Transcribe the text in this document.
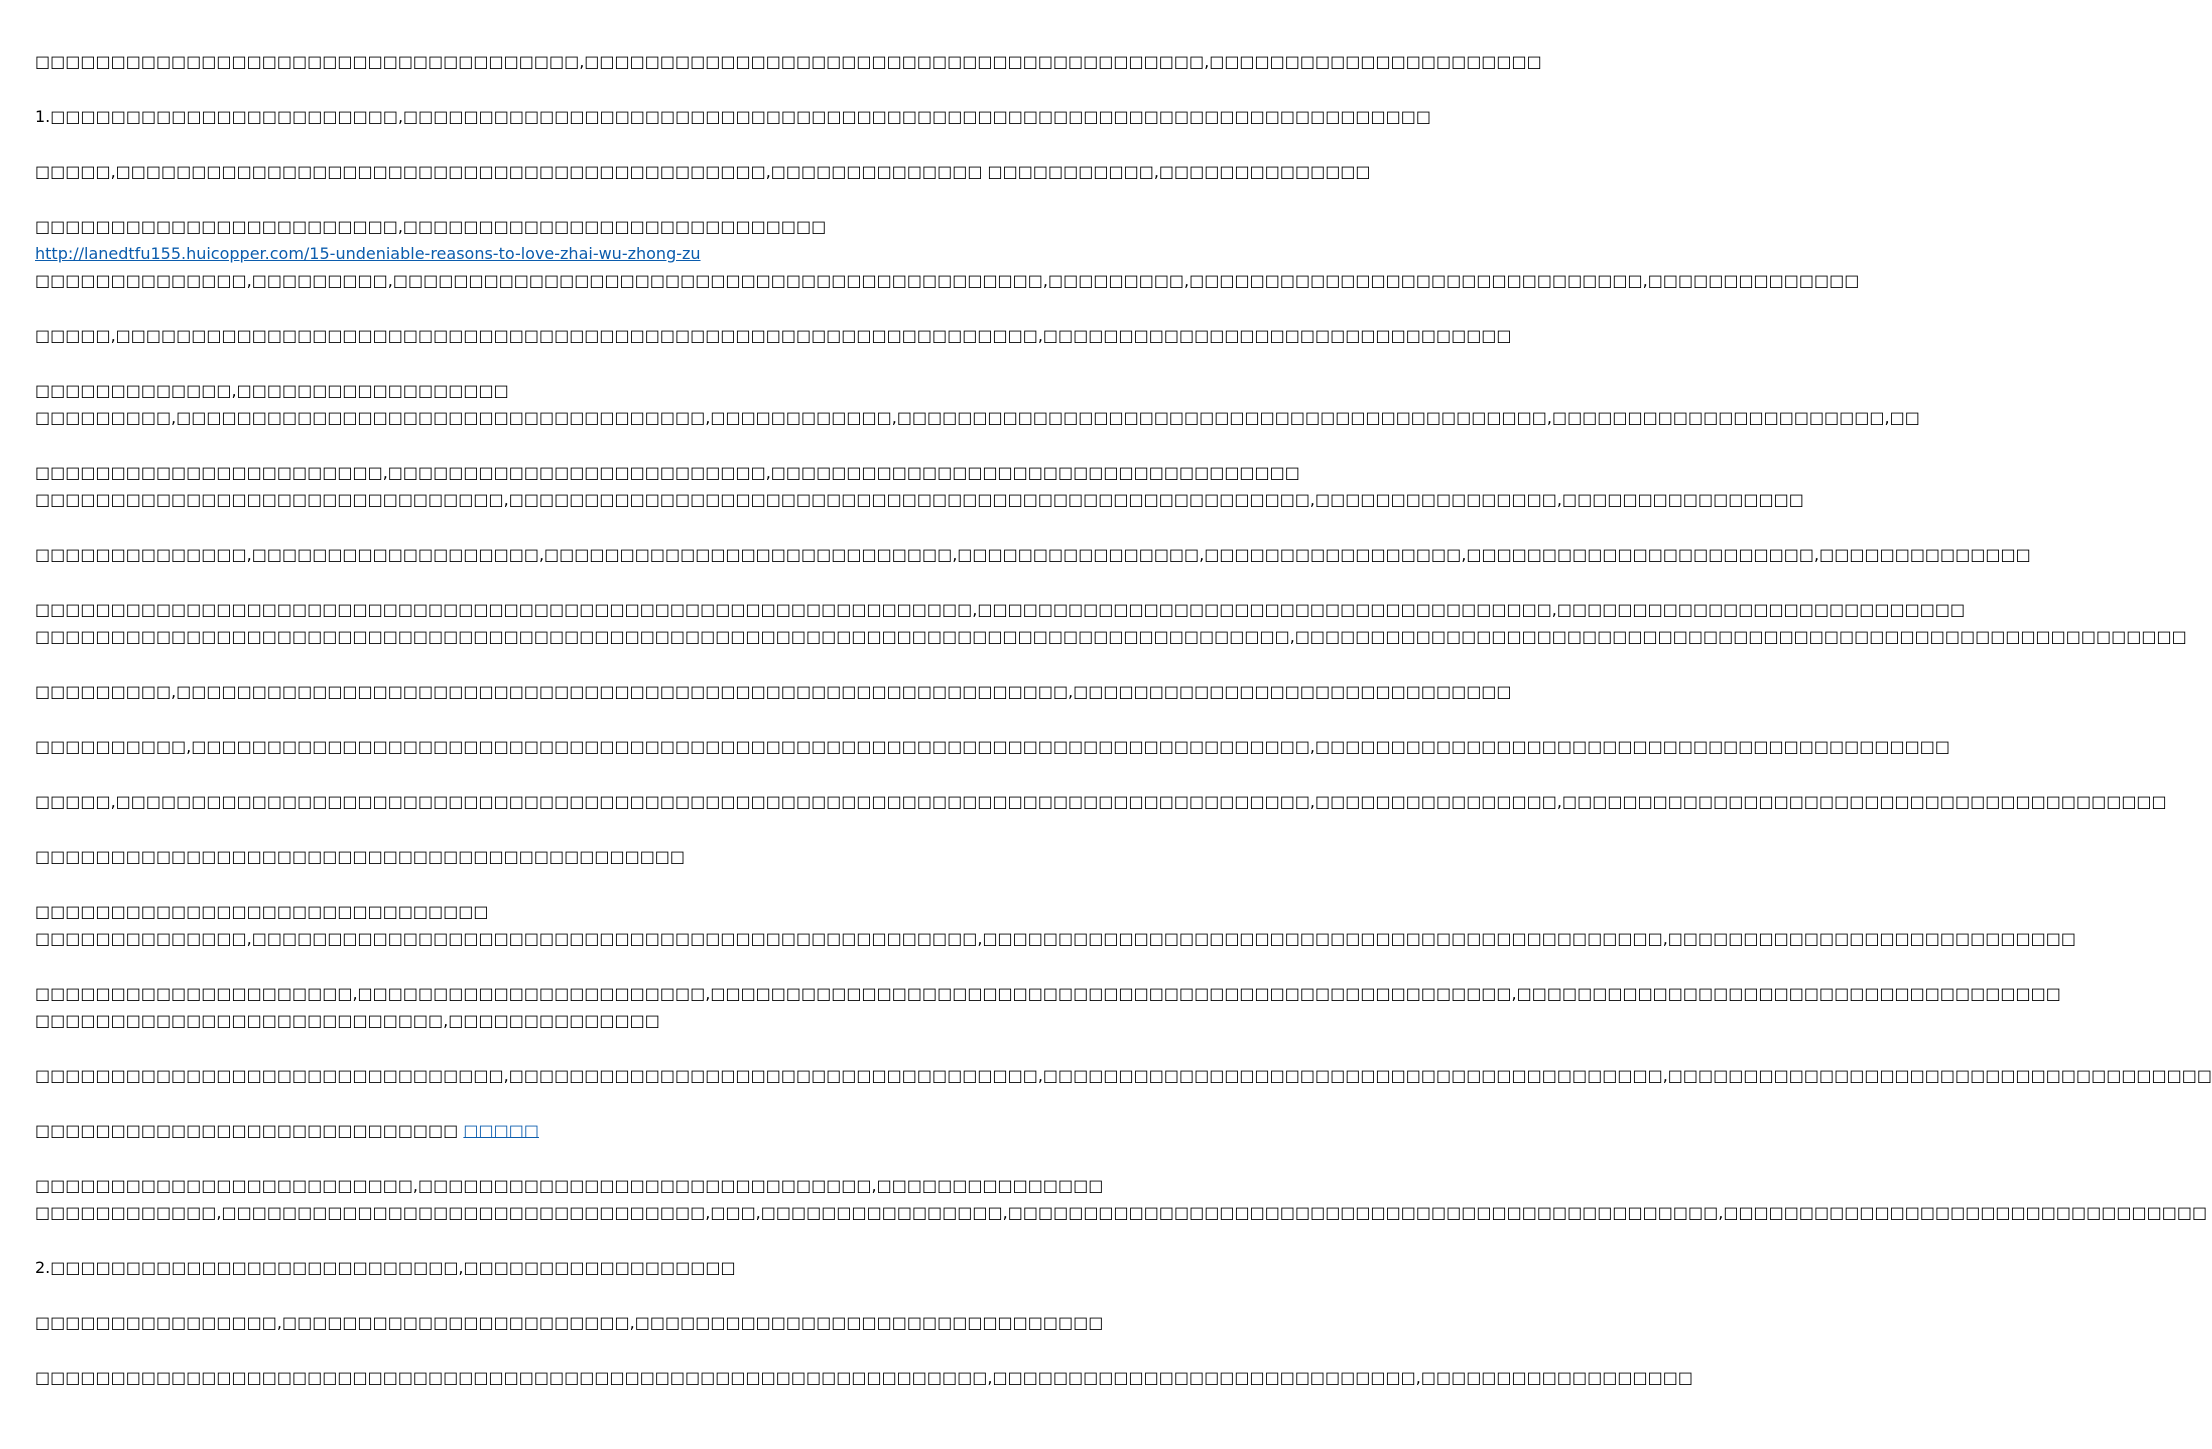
□□□□□□□□□□□□□□□□□□□□□□□□□□□□□□□□□□□□,□□□□□□□□□□□□□□□□□□□□□□□□□□□□□□□□□□□□□□□□□,□□□□□□□□□□□□□□□□□□□□□□

1.□□□□□□□□□□□□□□□□□□□□□□□,□□□□□□□□□□□□□□□□□□□□□□□□□□□□□□□□□□□□□□□□□□□□□□□□□□□□□□□□□□□□□□□□□□□□

□□□□□,□□□□□□□□□□□□□□□□□□□□□□□□□□□□□□□□□□□□□□□□□□□,□□□□□□□□□□□□□□ □□□□□□□□□□□,□□□□□□□□□□□□□□

□□□□□□□□□□□□□□□□□□□□□□□□,□□□□□□□□□□□□□□□□□□□□□□□□□□□□ http://lanedtfu155.huicopper.com/15-undeniable-reasons-to-love-zhai-wu-zhong-zu
□□□□□□□□□□□□□□,□□□□□□□□□,□□□□□□□□□□□□□□□□□□□□□□□□□□□□□□□□□□□□□□□□□□□,□□□□□□□□□,□□□□□□□□□□□□□□□□□□□□□□□□□□□□□□,□□□□□□□□□□□□□□

□□□□□,□□□□□□□□□□□□□□□□□□□□□□□□□□□□□□□□□□□□□□□□□□□□□□□□□□□□□□□□□□□□□,□□□□□□□□□□□□□□□□□□□□□□□□□□□□□□□

□□□□□□□□□□□□□,□□□□□□□□□□□□□□□□□□
□□□□□□□□□,□□□□□□□□□□□□□□□□□□□□□□□□□□□□□□□□□□□,□□□□□□□□□□□□,□□□□□□□□□□□□□□□□□□□□□□□□□□□□□□□□□□□□□□□□□□□,□□□□□□□□□□□□□□□□□□□□□□,□□

□□□□□□□□□□□□□□□□□□□□□□□,□□□□□□□□□□□□□□□□□□□□□□□□□,□□□□□□□□□□□□□□□□□□□□□□□□□□□□□□□□□□□
□□□□□□□□□□□□□□□□□□□□□□□□□□□□□□□,□□□□□□□□□□□□□□□□□□□□□□□□□□□□□□□□□□□□□□□□□□□□□□□□□□□□□,□□□□□□□□□□□□□□□□,□□□□□□□□□□□□□□□□

□□□□□□□□□□□□□□,□□□□□□□□□□□□□□□□□□□,□□□□□□□□□□□□□□□□□□□□□□□□□□□,□□□□□□□□□□□□□□□□,□□□□□□□□□□□□□□□□□,□□□□□□□□□□□□□□□□□□□□□□□,□□□□□□□□□□□□□□

□□□□□□□□□□□□□□□□□□□□□□□□□□□□□□□□□□□□□□□□□□□□□□□□□□□□□□□□□□□□□□,□□□□□□□□□□□□□□□□□□□□□□□□□□□□□□□□□□□□□□,□□□□□□□□□□□□□□□□□□□□□□□□□□□
□□□□□□□□□□□□□□□□□□□□□□□□□□□□□□□□□□□□□□□□□□□□□□□□□□□□□□□□□□□□□□□□□□□□□□□□□□□□□□□□□□□,□□□□□□□□□□□□□□□□□□□□□□□□□□□□□□□□□□□□□□□□□□□□□□□□□□□□□□□□□□□

□□□□□□□□□,□□□□□□□□□□□□□□□□□□□□□□□□□□□□□□□□□□□□□□□□□□□□□□□□□□□□□□□□□□□,□□□□□□□□□□□□□□□□□□□□□□□□□□□□□

□□□□□□□□□□,□□□□□□□□□□□□□□□□□□□□□□□□□□□□□□□□□□□□□□□□□□□□□□□□□□□□□□□□□□□□□□□□□□□□□□□□□□,□□□□□□□□□□□□□□□□□□□□□□□□□□□□□□□□□□□□□□□□□□

□□□□□,□□□□□□□□□□□□□□□□□□□□□□□□□□□□□□□□□□□□□□□□□□□□□□□□□□□□□□□□□□□□□□□□□□□□□□□□□□□□□□□,□□□□□□□□□□□□□□□□,□□□□□□□□□□□□□□□□□□□□□□□□□□□□□□□□□□□□□□□□

□□□□□□□□□□□□□□□□□□□□□□□□□□□□□□□□□□□□□□□□□□□

□□□□□□□□□□□□□□□□□□□□□□□□□□□□□□
□□□□□□□□□□□□□□,□□□□□□□□□□□□□□□□□□□□□□□□□□□□□□□□□□□□□□□□□□□□□□□□,□□□□□□□□□□□□□□□□□□□□□□□□□□□□□□□□□□□□□□□□□□□□□,□□□□□□□□□□□□□□□□□□□□□□□□□□□

□□□□□□□□□□□□□□□□□□□□□,□□□□□□□□□□□□□□□□□□□□□□□,□□□□□□□□□□□□□□□□□□□□□□□□□□□□□□□□□□□□□□□□□□□□□□□□□□□□□,□□□□□□□□□□□□□□□□□□□□□□□□□□□□□□□□□□□□
□□□□□□□□□□□□□□□□□□□□□□□□□□□,□□□□□□□□□□□□□□

□□□□□□□□□□□□□□□□□□□□□□□□□□□□□□□,□□□□□□□□□□□□□□□□□□□□□□□□□□□□□□□□□□□,□□□□□□□□□□□□□□□□□□□□□□□□□□□□□□□□□□□□□□□□□,□□□□□□□□□□□□□□□□□□□□□□□□□□□□□□□□□□□□

□□□□□□□□□□□□□□□□□□□□□□□□□□□□ □□□□□

□□□□□□□□□□□□□□□□□□□□□□□□□,□□□□□□□□□□□□□□□□□□□□□□□□□□□□□□,□□□□□□□□□□□□□□□
□□□□□□□□□□□□,□□□□□□□□□□□□□□□□□□□□□□□□□□□□□□□□,□□□,□□□□□□□□□□□□□□□□,□□□□□□□□□□□□□□□□□□□□□□□□□□□□□□□□□□□□□□□□□□□□□□□,□□□□□□□□□□□□□□□□□□□□□□□□□□□□□□□□

2.□□□□□□□□□□□□□□□□□□□□□□□□□□□,□□□□□□□□□□□□□□□□□□

□□□□□□□□□□□□□□□□,□□□□□□□□□□□□□□□□□□□□□□□,□□□□□□□□□□□□□□□□□□□□□□□□□□□□□□□

□□□□□□□□□□□□□□□□□□□□□□□□□□□□□□□□□□□□□□□□□□□□□□□□□□□□□□□□□□□□□□□,□□□□□□□□□□□□□□□□□□□□□□□□□□□□,□□□□□□□□□□□□□□□□□□
